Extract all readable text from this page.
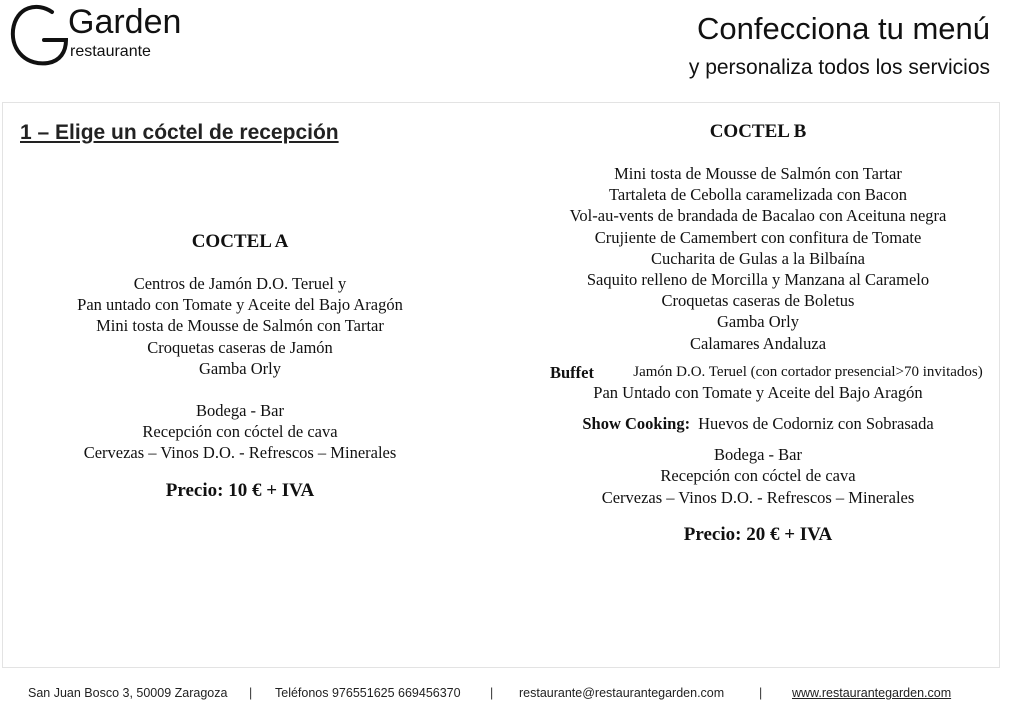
Garden
restaurante
Confecciona tu menú
y personaliza todos los servicios
1 – Elige un cóctel de recepción
COCTEL A
Centros de Jamón D.O. Teruel y
Pan untado con Tomate y Aceite del Bajo Aragón
Mini tosta de Mousse de Salmón con Tartar
Croquetas caseras de Jamón
Gamba Orly
Bodega - Bar
Recepción con cóctel de cava
Cervezas – Vinos D.O. - Refrescos – Minerales
Precio: 10 € + IVA
COCTEL B
Mini tosta de Mousse de Salmón con Tartar
Tartaleta de Cebolla caramelizada con Bacon
Vol-au-vents de brandada de Bacalao con Aceituna negra
Crujiente de Camembert con confitura de Tomate
Cucharita de Gulas a la Bilbaína
Saquito relleno de Morcilla y Manzana al Caramelo
Croquetas caseras de Boletus
Gamba Orly
Calamares Andaluza
Buffet	Jamón D.O. Teruel (con cortador presencial>70 invitados)
Pan Untado con Tomate y Aceite del Bajo Aragón
Show Cooking: Huevos de Codorniz con Sobrasada
Bodega - Bar
Recepción con cóctel de cava
Cervezas – Vinos D.O. - Refrescos – Minerales
Precio: 20 € + IVA
San Juan Bosco 3, 50009 Zaragoza | Teléfonos 976551625 669456370 | restaurante@restaurantegarden.com	| www.restaurantegarden.com
